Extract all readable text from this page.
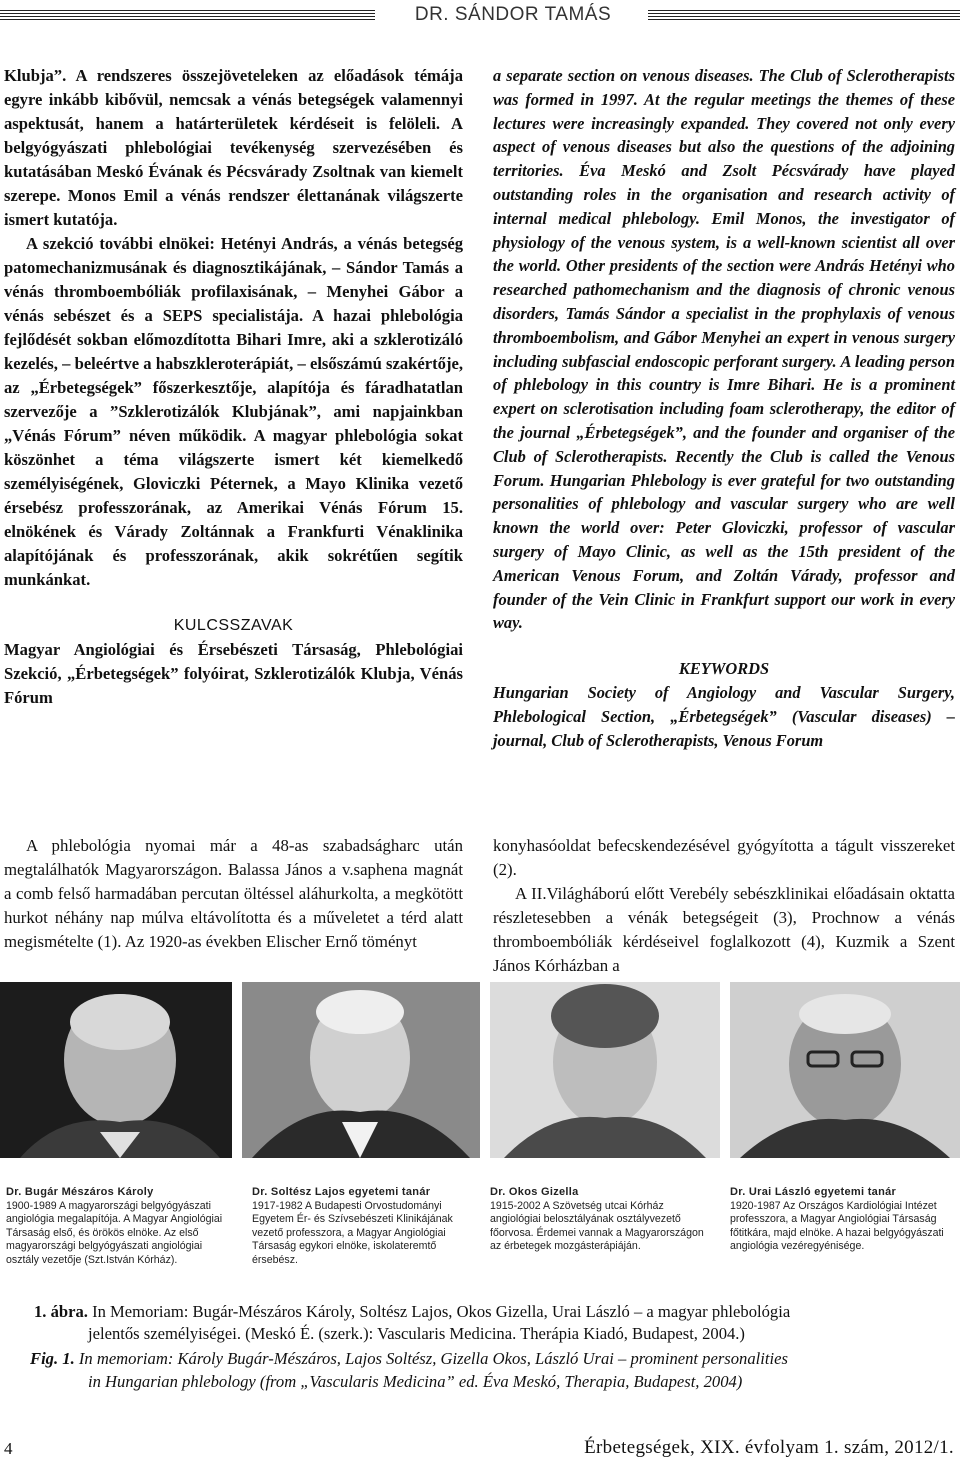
DR. SÁNDOR TAMÁS

Klubja”. A rendszeres összejöveteleken az előadások témája egyre inkább kibővül, nemcsak a vénás betegségek valamennyi aspektusát, hanem a határterületek kérdéseit is felöleli. A belgyógyászati phlebológiai tevékenység szervezésében és kutatásában Meskó Évának és Pécsvárady Zsoltnak van kiemelt szerepe. Monos Emil a vénás rendszer élettanának világszerte ismert kutatója.

A szekció további elnökei: Hetényi András, a vénás betegség patomechanizmusának és diagnosztikájának, – Sándor Tamás a vénás thromboembóliák profilaxisának, – Menyhei Gábor a vénás sebészet és a SEPS specialistája. A hazai phlebológia fejlődését sokban előmozdította Bihari Imre, aki a szklerotizáló kezelés, – beleértve a habszkleroterápiát, – elsőszámú szakértője, az „Érbetegségek” főszerkesztője, alapítója és fáradhatatlan szervezője a ”Szklerotizálók Klubjának”, ami napjainkban „Vénás Fórum” néven működik. A magyar phlebológia sokat köszönhet a téma világszerte ismert két kiemelkedő személyiségének, Gloviczki Péternek, a Mayo Klinika vezető érsebész professzorának, az Amerikai Vénás Fórum 15. elnökének és Várady Zoltánnak a Frankfurti Vénaklinika alapítójának és professzorának, akik sokrétűen segítik munkánkat.

KULCSSZAVAK

Magyar Angiológiai és Érsebészeti Társaság, Phlebológiai Szekció, „Érbetegségek” folyóirat, Szklerotizálók Klubja, Vénás Fórum

a separate section on venous diseases. The Club of Sclerotherapists was formed in 1997. At the regular meetings the themes of these lectures were increasingly expanded. They covered not only every aspect of venous diseases but also the questions of the adjoining territories. Éva Meskó and Zsolt Pécsvárady have played outstanding roles in the organisation and research activity of internal medical phlebology. Emil Monos, the investigator of physiology of the venous system, is a well-known scientist all over the world. Other presidents of the section were András Hetényi who researched pathomechanism and the diagnosis of chronic venous disorders, Tamás Sándor a specialist in the prophylaxis of venous thromboembolism, and Gábor Menyhei an expert in venous surgery including subfascial endoscopic perforant surgery. A leading person of phlebology in this country is Imre Bihari. He is a prominent expert on sclerotisation including foam sclerotherapy, the editor of the journal „Érbetegségek”, and the founder and organiser of the Club of Sclerotherapists. Recently the Club is called the Venous Forum. Hungarian Phlebology is ever grateful for two outstanding personalities of phlebology and vascular surgery who are well known the world over: Peter Gloviczki, professor of vascular surgery of Mayo Clinic, as well as the 15th president of the American Venous Forum, and Zoltán Várady, professor and founder of the Vein Clinic in Frankfurt support our work in every way.

KEYWORDS

Hungarian Society of Angiology and Vascular Surgery, Phlebological Section, „Érbetegségek” (Vascular diseases) – journal, Club of Sclerotherapists, Venous Forum

A phlebológia nyomai már a 48-as szabadságharc után megtalálhatók Magyarországon. Balassa János a v.saphena magnát a comb felső harmadában percutan öltéssel aláhurkolta, a megkötött hurkot néhány nap múlva eltávolította és a műveletet a térd alatt megismételte (1). Az 1920-as években Elischer Ernő töményt

konyhasóoldat befecskendezésével gyógyította a tágult visszereket (2).

A II.Világháború előtt Verebély sebészklinikai előadásain oktatta részletesebben a vénák betegségeit (3), Prochnow a vénás thromboembóliák kérdéseivel foglalkozott (4), Kuzmik a Szent János Kórházban a

Dr. Bugár Mészáros Károly

1900-1989 A magyarországi belgyógyászati angiológia megalapítója. A Magyar Angiológiai Társaság első, és örökös elnöke. Az első magyarországi belgyógyászati angiológiai osztály vezetője (Szt.István Kórház).

Dr. Soltész Lajos egyetemi tanár

1917-1982 A Budapesti Orvostudományi Egyetem Ér- és Szívsebészeti Klinikájának vezető professzora, a Magyar Angiológiai Társaság egykori elnöke, iskolateremtő érsebész.

Dr. Okos Gizella

1915-2002 A Szövetség utcai Kórház angiológiai belosztályának osztályvezető főorvosa. Érdemei vannak a Magyarországon az érbetegek mozgásterápiáján.

Dr. Urai László egyetemi tanár

1920-1987 Az Országos Kardiológiai Intézet professzora, a Magyar Angiológiai Társaság főtitkára, majd elnöke. A hazai belgyógyászati angiológia vezéregyénisége.

1. ábra. In Memoriam: Bugár-Mészáros Károly, Soltész Lajos, Okos Gizella, Urai László – a magyar phlebológia
jelentős személyiségei. (Meskó É. (szerk.): Vascularis Medicina. Therápia Kiadó, Budapest, 2004.)
Fig. 1. In memoriam: Károly Bugár-Mészáros, Lajos Soltész, Gizella Okos, László Urai – prominent personalities
in Hungarian phlebology (from „Vascularis Medicina” ed. Éva Meskó, Therapia, Budapest, 2004)
4	Érbetegségek, XIX. évfolyam 1. szám, 2012/1.
